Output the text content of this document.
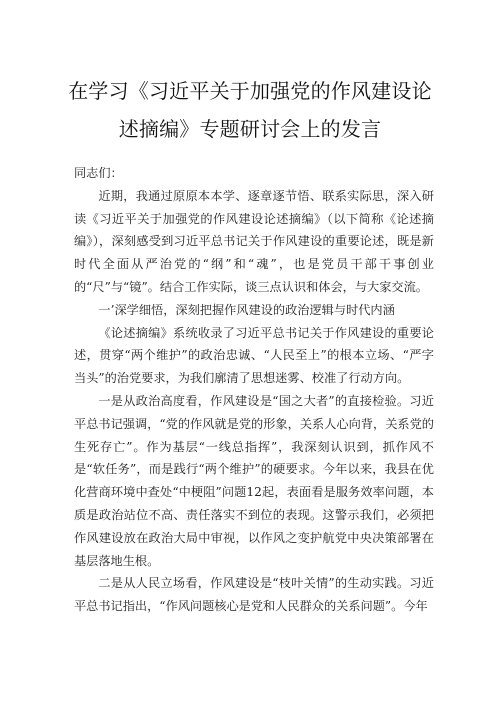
在学习《习近平关于加强党的作风建设论
述摘编》专题研讨会上的发言

同志们：

近期，我通过原原本本学、逐章逐节悟、联系实际思，深入研读《习近平关于加强党的作风建设论述摘编》（以下简称《论述摘编》），深刻感受到习近平总书记关于作风建设的重要论述，既是新时代全面从严治党的“纲”和“魂”，也是党员干部干事创业的“尺”与“镜”。结合工作实际，谈三点认识和体会，与大家交流。

一’深学细悟，深刻把握作风建设的政治逻辑与时代内涵

《论述摘编》系统收录了习近平总书记关于作风建设的重要论述，贯穿“两个维护”的政治忠诚、“人民至上”的根本立场、“严字当头”的治党要求，为我们廓清了思想迷雾、校准了行动方向。

一是从政治高度看，作风建设是“国之大者”的直接检验。习近平总书记强调，“党的作风就是党的形象，关系人心向背，关系党的生死存亡”。作为基层“一线总指挥”，我深刻认识到，抓作风不是“软任务”，而是践行“两个维护”的硬要求。今年以来，我县在优化营商环境中查处“中梗阻”问题12起，表面看是服务效率问题，本质是政治站位不高、责任落实不到位的表现。这警示我们，必须把作风建设放在政治大局中审视，以作风之变护航党中央决策部署在基层落地生根。

二是从人民立场看，作风建设是“枝叶关情”的生动实践。习近平总书记指出，“作风问题核心是党和人民群众的关系问题”。今年
